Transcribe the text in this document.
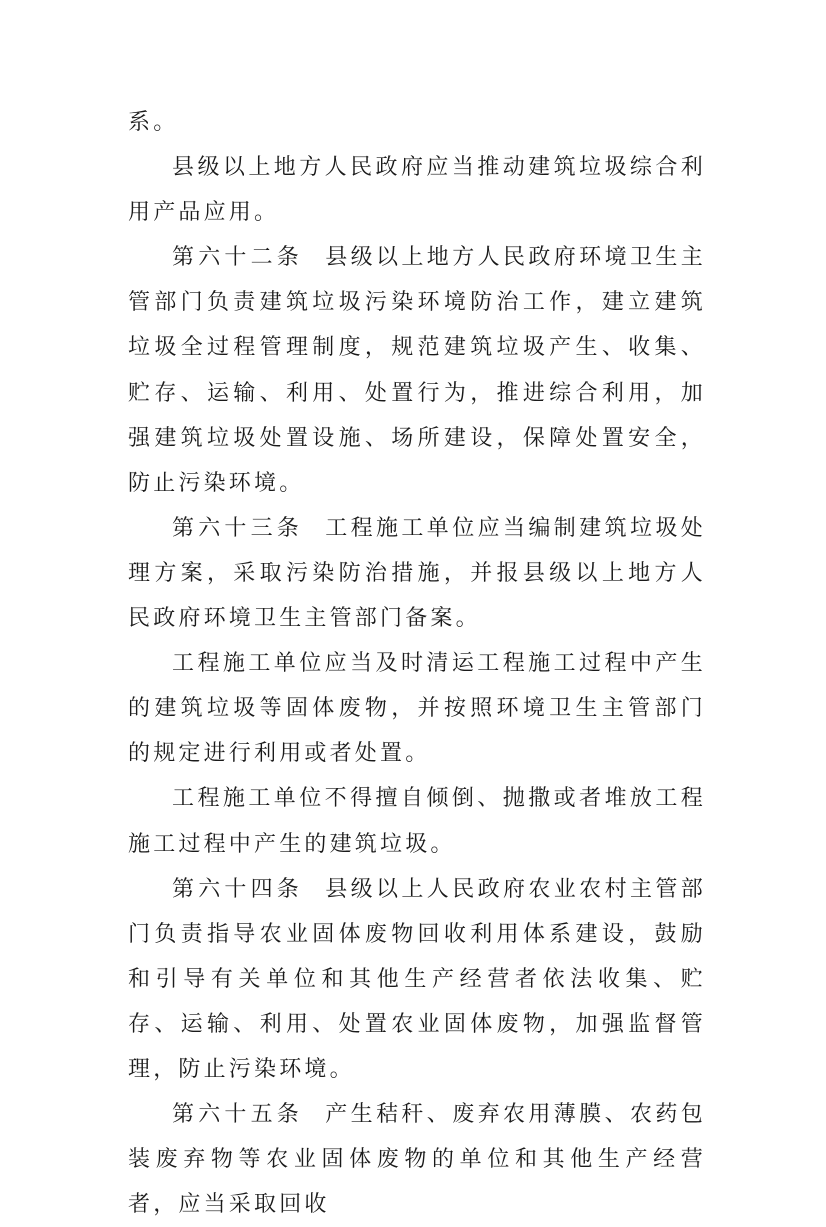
系。

县级以上地方人民政府应当推动建筑垃圾综合利用产品应用。

第六十二条 县级以上地方人民政府环境卫生主管部门负责建筑垃圾污染环境防治工作，建立建筑垃圾全过程管理制度，规范建筑垃圾产生、收集、贮存、运输、利用、处置行为，推进综合利用，加强建筑垃圾处置设施、场所建设，保障处置安全，防止污染环境。

第六十三条 工程施工单位应当编制建筑垃圾处理方案，采取污染防治措施，并报县级以上地方人民政府环境卫生主管部门备案。

工程施工单位应当及时清运工程施工过程中产生的建筑垃圾等固体废物，并按照环境卫生主管部门的规定进行利用或者处置。

工程施工单位不得擅自倾倒、抛撒或者堆放工程施工过程中产生的建筑垃圾。

第六十四条 县级以上人民政府农业农村主管部门负责指导农业固体废物回收利用体系建设，鼓励和引导有关单位和其他生产经营者依法收集、贮存、运输、利用、处置农业固体废物，加强监督管理，防止污染环境。

第六十五条 产生秸秆、废弃农用薄膜、农药包装废弃物等农业固体废物的单位和其他生产经营者，应当采取回收
